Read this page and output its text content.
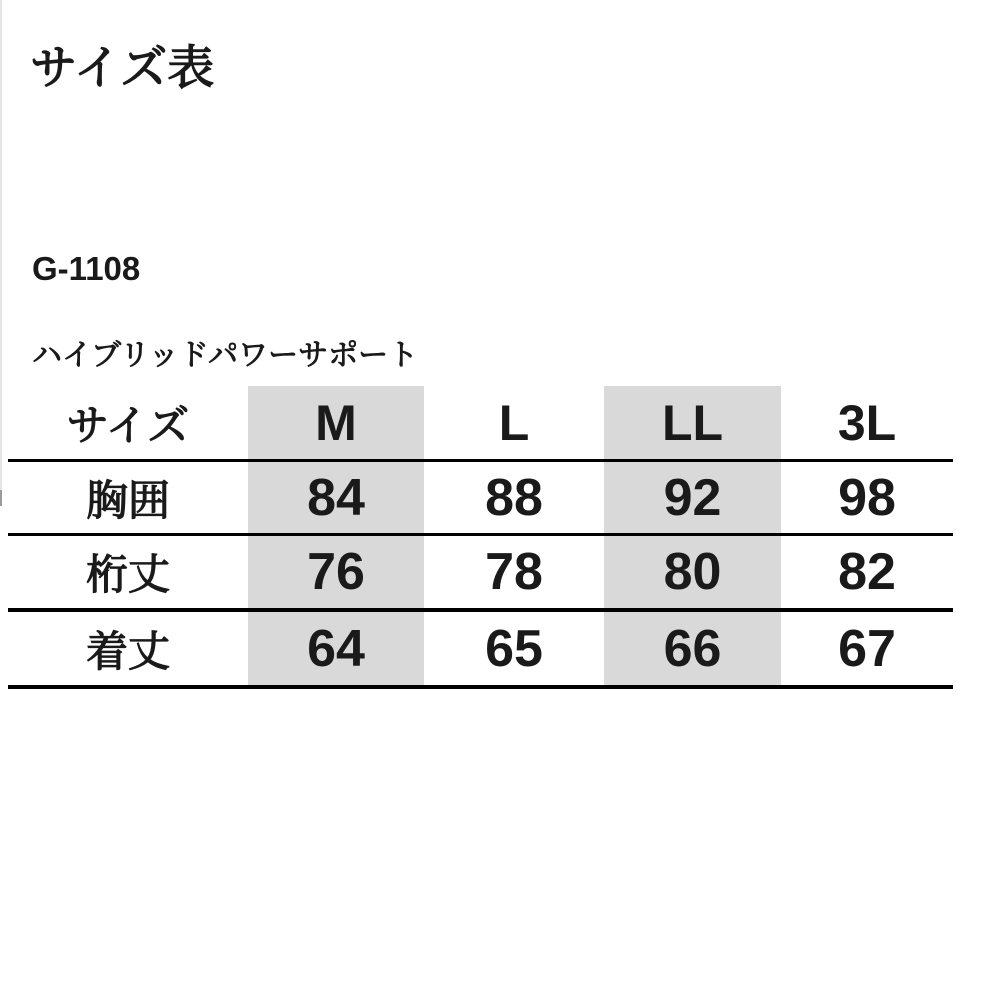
サイズ表
G-1108
ハイブリッドパワーサポート
サイズ	M	L	LL	3L
胸囲	84	88	92	98
桁丈	76	78	80	82
着丈	64	65	66	67
